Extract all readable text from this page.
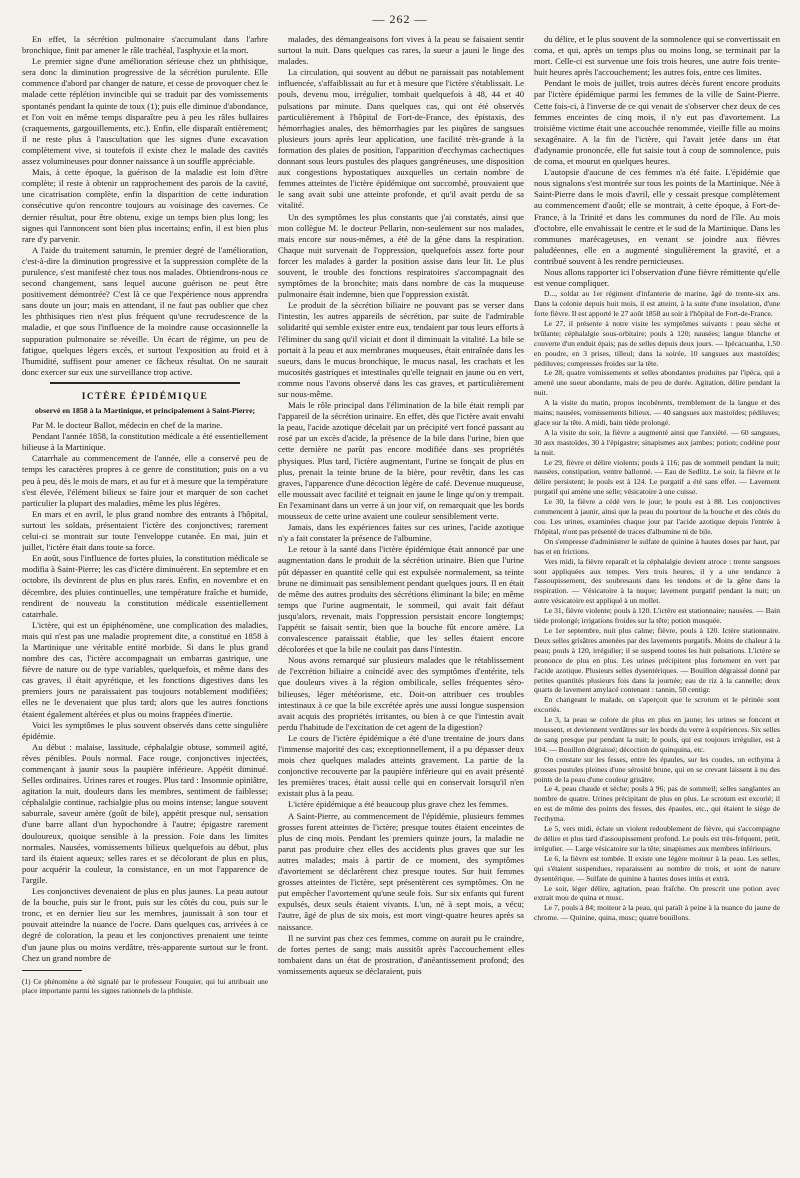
— 262 —

En effet, la sécrétion pulmonaire s'accumulant dans l'arbre bronchique, finit par amener le râle trachéal, l'asphyxie et la mort.

Le premier signe d'une amélioration sérieuse chez un phthisique, sera donc la diminution progressive de la sécrétion purulente. Elle commence d'abord par changer de nature, et cesse de provoquer chez le malade cette réplétion invincible qui se traduit par des vomissements spontanés pendant la quinte de toux (1); puis elle diminue d'abondance, et l'on voit en même temps disparaître peu à peu les râles bullaires (craquements, gargouillements, etc.). Enfin, elle disparaît entièrement; il ne reste plus à l'auscultation que les signes d'une excavation complètement vive, si toutefois il existe chez le malade des cavités assez volumineuses pour donner naissance à un souffle appréciable.

Mais, à cette époque, la guérison de la maladie est loin d'être complète; il reste à obtenir un rapprochement des parois de la cavité, une cicatrisation complète, enfin la disparition de cette induration consécutive qu'on rencontre toujours au voisinage des cavernes. Ce dernier résultat, pour être obtenu, exige un temps bien plus long; les signes qui l'annoncent sont bien plus incertains; enfin, il est bien plus rare d'y parvenir.

A l'aide du traitement saturnin, le premier degré de l'amélioration, c'est-à-dire la diminution progressive et la suppression complète de la purulence, s'est manifesté chez tous nos malades. Obtiendrons-nous ce second changement, sans lequel aucune guérison ne peut être positivement démontrée? C'est là ce que l'expérience nous apprendra sans doute un jour; mais en attendant, il ne faut pas oublier que chez les phthisiques rien n'est plus fréquent qu'une recrudescence de la maladie, et que sous l'influence de la moindre cause occasionnelle la suppuration pulmonaire se réveille. Un écart de régime, un peu de fatigue, quelques légers excès, et surtout l'exposition au froid et à l'humidité, suffisent pour amener ce fâcheux résultat. On ne saurait donc exercer sur eux une surveillance trop active.

ICTÈRE ÉPIDÉMIQUE
observé en 1858 à la Martinique, et principalement à Saint-Pierre;

Par M. le docteur Ballot, médecin en chef de la marine.

Pendant l'année 1858, la constitution médicale a été essentiellement bilieuse à la Martinique.

Catarrhale au commencement de l'année, elle a conservé peu de temps les caractères propres à ce genre de constitution; puis on a vu peu à peu, dès le mois de mars, et au fur et à mesure que la température s'est élevée, l'élément bilieux se faire jour et marquer de son cachet particulier la plupart des maladies, même les plus légères.

En mars et en avril, le plus grand nombre des entrants à l'hôpital, surtout les soldats, présentaient l'ictère des conjonctives; rarement celui-ci se montrait sur toute l'enveloppe cutanée. En mai, juin et juillet, l'ictère était dans toute sa force.

En août, sous l'influence de fortes pluies, la constitution médicale se modifia à Saint-Pierre; les cas d'ictère diminuèrent. En septembre et en octobre, ils devinrent de plus en plus rares. Enfin, en novembre et en décembre, des pluies continuelles, une température fraîche et humide, rendirent de nouveau la constitution médicale essentiellement catarrhale.

L'ictère, qui est un épiphénomène, une complication des maladies, mais qui n'est pas une maladie proprement dite, a constitué en 1858 à la Martinique une véritable entité morbide. Si dans le plus grand nombre des cas, l'ictère accompagnait un embarras gastrique, une fièvre de nature ou de type variables, quelquefois, et même dans des cas graves, il était apyrétique, et les fonctions digestives dans les premiers jours ne paraissaient pas toujours notablement modifiées; elles ne le devenaient que plus tard; alors que les autres fonctions étaient également altérées et plus ou moins frappées d'inertie.

Voici les symptômes le plus souvent observés dans cette singulière épidémie.

Au début : malaise, lassitude, céphalalgie obtuse, sommeil agité, rêves pénibles. Pouls normal. Face rouge, conjonctives injectées, commençant à jaunir sous la paupière inférieure. Appétit diminué. Selles ordinaires. Urines rares et rouges. Plus tard : Insomnie opiniâtre, agitation la nuit, douleurs dans les membres, sentiment de faiblesse; céphalalgie continue, rachialgie plus ou moins intense; langue souvent saburrale, saveur amère (goût de bile), appétit presque nul, sensation d'une barre allant d'un hypochondre à l'autre; épigastre rarement douloureux, quoique sensible à la pression. Foie dans les limites normales. Nausées, vomissements bilieux quelquefois au début, plus tard ils étaient aqueux; selles rares et se décolorant de plus en plus, pour acquérir la couleur, la consistance, en un mot l'apparence de l'argile.

Les conjonctives devenaient de plus en plus jaunes. La peau autour de la bouche, puis sur le front, puis sur les côtés du cou, puis sur le tronc, et en dernier lieu sur les membres, jaunissait à son tour et pouvait atteindre la nuance de l'ocre. Dans quelques cas, arrivées à ce degré de coloration, la peau et les conjonctives prenaient une teinte d'un jaune plus ou moins verdâtre, très-apparente surtout sur le front. Chez un grand nombre de

(1) Ce phénomène a été signalé par le professeur Fouquier, qui lui attribuait une place importante parmi les signes rationnels de la phthisie.

malades, des démangeaisons fort vives à la peau se faisaient sentir surtout la nuit. Dans quelques cas rares, la sueur a jauni le linge des malades.

La circulation, qui souvent au début ne paraissait pas notablement influencée, s'affaiblissait au fur et à mesure que l'ictère s'établissait. Le pouls, devenu mou, irrégulier, tombait quelquefois à 48, 44 et 40 pulsations par minute. Dans quelques cas, qui ont été observés particulièrement à l'hôpital de Fort-de-France, des épistaxis, des hémorrhagies anales, des hémorrhagies par les piqûres de sangsues plusieurs jours après leur application, une facilité très-grande à la formation des plaies de position, l'apparition d'ecchymas cachectiques donnant sous leurs pustules des plaques gangréneuses, une disposition aux congestions hypostatiques auxquelles un certain nombre de femmes atteintes de l'ictère épidémique ont succombé, prouvaient que le sang avait subi une atteinte profonde, et qu'il avait perdu de sa vitalité.

Un des symptômes les plus constants que j'ai constatés, ainsi que mon collègue M. le docteur Pellarin, non-seulement sur nos malades, mais encore sur nous-mêmes, a été de la gêne dans la respiration. Chaque nuit survenait de l'oppression, quelquefois assez forte pour forcer les malades à garder la position assise dans leur lit. Le plus souvent, le trouble des fonctions respiratoires s'accompagnait des symptômes de la bronchite; mais dans nombre de cas la muqueuse pulmonaire était indemne, bien que l'oppression existât.

Le produit de la sécrétion biliaire ne pouvant pas se verser dans l'intestin, les autres appareils de sécrétion, par suite de l'admirable solidarité qui semble exister entre eux, tendaient par tous leurs efforts à l'éliminer du sang qu'il viciait et dont il diminuait la vitalité. La bile se portait à la peau et aux membranes muqueuses, était entraînée dans les sueurs, dans le mucus bronchique, le mucus nasal, les crachats et les mucosités gastriques et intestinales qu'elle teignait en jaune ou en vert, comme nous l'avons observé dans les cas graves, et particulièrement sur nous-même.

Mais le rôle principal dans l'élimination de la bile était rempli par l'appareil de la sécrétion urinaire. En effet, dès que l'ictère avait envahi la peau, l'acide azotique décelait par un précipité vert foncé passant au rosé par un excès d'acide, la présence de la bile dans l'urine, bien que cette dernière ne parût pas encore modifiée dans ses propriétés physiques. Plus tard, l'ictère augmentant, l'urine se fonçait de plus en plus, prenait la teinte brune de la bière, pour revêtir, dans les cas graves, l'apparence d'une décoction légère de café. Devenue muqueuse, elle moussait avec facilité et teignait en jaune le linge qu'on y trempait. En l'examinant dans un verre à un jour vif, on remarquait que les bords mousseux de cette urine avaient une couleur sensiblement verte.

Jamais, dans les expériences faites sur ces urines, l'acide azotique n'y a fait constater la présence de l'albumine.

Le retour à la santé dans l'ictère épidémique était annoncé par une augmentation dans le produit de la sécrétion urinaire. Bien que l'urine pût dépasser en quantité celle qui est expulsée normalement, sa teinte brune ne diminuait pas sensiblement pendant quelques jours. Il en était de même des autres produits des sécrétions éliminant la bile; en même temps que l'urine augmentait, le sommeil, qui avait fait défaut jusqu'alors, revenait, mais l'oppression persistait encore longtemps; l'appétit se faisait sentir, bien que la bouche fût encore amère. La convalescence paraissait établie, que les selles étaient encore décolorées et que la bile ne coulait pas dans l'intestin.

Nous avons remarqué sur plusieurs malades que le rétablissement de l'excrétion biliaire a coïncidé avec des symptômes d'entérite, tels que douleurs vives à la région ombilicale, selles fréquentes séro-bilieuses, léger météorisme, etc. Doit-on attribuer ces troubles intestinaux à ce que la bile excrétée après une aussi longue suspension avait acquis des propriétés irritantes, ou bien à ce que l'intestin avait perdu l'habitude de l'excitation de cet agent de la digestion?

Le cours de l'ictère épidémique a été d'une trentaine de jours dans l'immense majorité des cas; exceptionnellement, il a pu dépasser deux mois chez quelques malades atteints gravement. La partie de la conjonctive recouverte par la paupière inférieure qui en avait présenté les premières traces, était aussi celle qui en conservait lorsqu'il n'en existait plus à la peau.

L'ictère épidémique a été beaucoup plus grave chez les femmes.

A Saint-Pierre, au commencement de l'épidémie, plusieurs femmes grosses furent atteintes de l'ictère; presque toutes étaient enceintes de plus de cinq mois. Pendant les premiers quinze jours, la maladie ne parut pas produire chez elles des accidents plus graves que sur les autres malades; mais à partir de ce moment, des symptômes d'avortement se déclarèrent chez presque toutes. Sur huit femmes grosses atteintes de l'ictère, sept présentèrent ces symptômes. On ne put empêcher l'avortement qu'une seule fois. Sur six enfants qui furent expulsés, deux seuls étaient vivants. L'un, né à sept mois, a vécu; l'autre, âgé de plus de six mois, est mort vingt-quatre heures après sa naissance.

Il ne survint pas chez ces femmes, comme on aurait pu le craindre, de fortes pertes de sang; mais aussitôt après l'accouchement elles tombaient dans un état de prostration, d'anéantissement profond; des vomissements aqueux se déclaraient, puis

du délire, et le plus souvent de la somnolence qui se convertissait en coma, et qui, après un temps plus ou moins long, se terminait par la mort. Celle-ci est survenue une fois trois heures, une autre fois trente-huit heures après l'accouchement; les autres fois, entre ces limites.

Pendant le mois de juillet, trois autres décès furent encore produits par l'ictère épidémique parmi les femmes de la ville de Saint-Pierre. Cette fois-ci, à l'inverse de ce qui venait de s'observer chez deux de ces femmes enceintes de cinq mois, il n'y eut pas d'avortement. La troisième victime était une accouchée renommée, vieille fille au moins sexagénaire. A la fin de l'ictère, qui l'avait jetée dans un état d'adynamie prononcée, elle fut saisie tout à coup de somnolence, puis de coma, et mourut en quelques heures.

L'autopsie d'aucune de ces femmes n'a été faite. L'épidémie que nous signalons s'est montrée sur tous les points de la Martinique. Née à Saint-Pierre dans le mois d'avril, elle y cessait presque complètement au commencement d'août; elle se montrait, à cette époque, à Fort-de-France, à la Trinité et dans les communes du nord de l'île. Au mois d'octobre, elle envahissait le centre et le sud de la Martinique. Dans les communes marécageuses, en venant se joindre aux fièvres paludéennes, elle en a augmenté singulièrement la gravité, et a contribué souvent à les rendre pernicieuses.

Nous allons rapporter ici l'observation d'une fièvre rémittente qu'elle est venue compliquer.

D..., soldat au 1er régiment d'infanterie de marine, âgé de trente-six ans. Dans la colonie depuis huit mois, il est atteint, à la suite d'une insolation, d'une forte fièvre. Il est apporté le 27 août 1858 au soir à l'hôpital de Fort-de-France.

Le 27, il présente à notre visite les symptômes suivants : peau sèche et brûlante; céphalalgie sous-orbitaire; pouls à 120; nausées; langue blanche et couverte d'un enduit épais; pas de selles depuis deux jours. — Ipécacuanha, 1,50 en poudre, en 3 prises, tilleul; dans la soirée, 10 sangsues aux mastoïdes; pédiluves; compresses froides sur la tête.

Le 28, quatre vomissements et selles abondantes produites par l'ipéca, qui a amené une sueur abondante, mais de peu de durée. Agitation, délire pendant la nuit.

A la visite du matin, propos incohérents, tremblement de la langue et des mains; nausées, vomissements bilieux. — 40 sangsues aux mastoïdes; pédiluves; glace sur la tête. A midi, bain tiède prolongé.

A la visite du soir, la fièvre a augmenté ainsi que l'anxiété. — 60 sangsues, 30 aux mastoïdes, 30 à l'épigastre; sinapismes aux jambes; potion; codéine pour la nuit.

Le 29, fièvre et délire violents; pouls à 116; pas de sommeil pendant la nuit; nausées, constipation, ventre ballonné. — Eau de Sedlitz. Le soir, la fièvre et le délire persistent; le pouls est à 124. Le purgatif a été sans effet. — Lavement purgatif qui amène une selle; vésicatoire à une cuisse.

Le 30, la fièvre a cédé vers le jour; le pouls est à 88. Les conjonctives commencent à jaunir, ainsi que la peau du pourtour de la bouche et des côtés du cou. Les urines, examinées chaque jour par l'acide azotique depuis l'entrée à l'hôpital, n'ont pas présenté de traces d'albumine ni de bile.

On s'empresse d'administrer le sulfate de quinine à hautes doses par haut, par bas et en frictions.

Vers midi, la fièvre reparaît et la céphalalgie devient atroce : trente sangsues sont appliquées aux tempes. Vers trois heures, il y a une tendance à l'assoupissement, des soubresauts dans les tendons et de la gêne dans la respiration. — Vésicatoire à la nuque; lavement purgatif pendant la nuit; un autre vésicatoire est appliqué à un mollet.

Le 31, fièvre violente; pouls à 120. L'ictère est stationnaire; nausées. — Bain tiède prolongé; irrigations froides sur la tête; potion musquée.

Le 1er septembre, nuit plus calme; fièvre, pouls à 120. Ictère stationnaire. Deux selles grisâtres amenées par des lavements purgatifs. Moins de chaleur à la peau; pouls à 120, irrégulier; il se suspend toutes les huit pulsations. L'ictère se prononce de plus en plus. Les urines précipitent plus fortement en vert par l'acide azotique. Plusieurs selles dysentériques. — Bouillon dégraissé donné par petites quantités plusieurs fois dans la journée; eau de riz à la cannelle; deux quarts de lavement amylacé contenant : tannin, 50 centigr.

En changeant le malade, on s'aperçoit que le scrotum et le périnée sont excoriés.

Le 3, la peau se colore de plus en plus en jaune; les urines se foncent et moussent, et deviennent verdâtres sur les bords du verre à expériences. Six selles de sang presque pur pendant la nuit; le pouls, qui est toujours irrégulier, est à 104. — Bouillon dégraissé; décoction de quinquina, etc.

On constate sur les fesses, entre les épaules, sur les coudes, un ecthyma à grosses pustules pleines d'une sérosité brune, qui en se crevant laissent à nu des points de la peau d'une couleur grisâtre.

Le 4, peau chaude et sèche; pouls à 96; pas de sommeil; selles sanglantes au nombre de quatre. Urines précipitant de plus en plus. Le scrotum est excorié; il en est de même des points des fesses, des épaules, etc., qui étaient le siège de l'ecthyma.

Le 5, vers midi, éclate un violent redoublement de fièvre, qui s'accompagne de délire et plus tard d'assoupissement profond. Le pouls est très-fréquent, petit, irrégulier. — Large vésicatoire sur la tête; sinapismes aux membres inférieurs.

Le 6, la fièvre est tombée. Il existe une légère moiteur à la peau. Les selles, qui s'étaient suspendues, reparaissent au nombre de trois, et sont de nature dysentérique. — Sulfate de quinine à hautes doses intùs et extrà.

Le soir, léger délire, agitation, peau fraîche. On prescrit une potion avec extrait mou de quina et musc.

Le 7, pouls à 84; moiteur à la peau, qui paraît à peine à la nuance du jaune de chrome. — Quinine, quina, musc; quatre bouillons.
